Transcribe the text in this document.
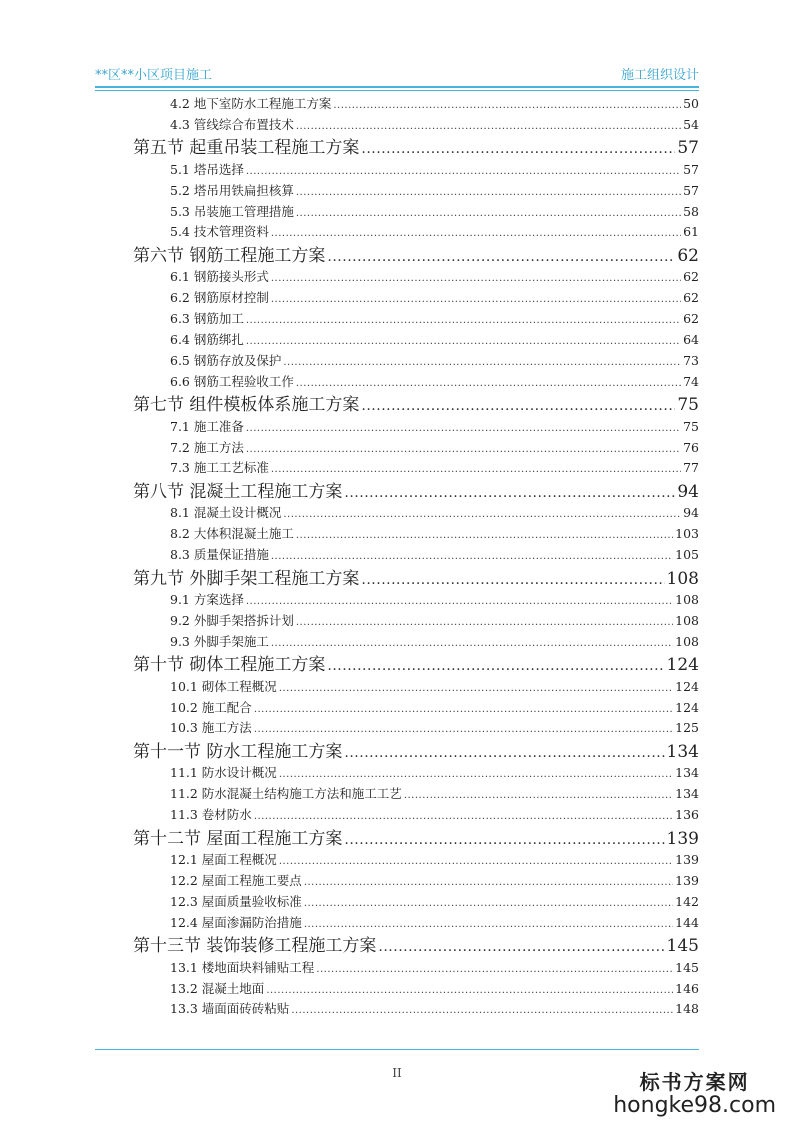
**区**小区项目施工	施工组织设计
4.2 地下室防水工程施工方案 .....	50
4.3 管线综合布置技术 .....	54
第五节 起重吊装工程施工方案 .....	57
5.1 塔吊选择 .....	57
5.2 塔吊用铁扁担核算 .....	57
5.3 吊装施工管理措施 .....	58
5.4 技术管理资料 .....	61
第六节 钢筋工程施工方案 .....	62
6.1 钢筋接头形式 .....	62
6.2 钢筋原材控制 .....	62
6.3 钢筋加工 .....	62
6.4 钢筋绑扎 .....	64
6.5 钢筋存放及保护 .....	73
6.6 钢筋工程验收工作 .....	74
第七节 组件模板体系施工方案 .....	75
7.1 施工准备 .....	75
7.2 施工方法 .....	76
7.3 施工工艺标准 .....	77
第八节 混凝土工程施工方案 .....	94
8.1 混凝土设计概况 .....	94
8.2 大体积混凝土施工 .....	103
8.3 质量保证措施 .....	105
第九节 外脚手架工程施工方案 .....	108
9.1 方案选择 .....	108
9.2 外脚手架搭拆计划 .....	108
9.3 外脚手架施工 .....	108
第十节 砌体工程施工方案 .....	124
10.1 砌体工程概况 .....	124
10.2 施工配合 .....	124
10.3 施工方法 .....	125
第十一节 防水工程施工方案 .....	134
11.1 防水设计概况 .....	134
11.2 防水混凝土结构施工方法和施工工艺 .....	134
11.3 卷材防水 .....	136
第十二节 屋面工程施工方案 .....	139
12.1 屋面工程概况 .....	139
12.2 屋面工程施工要点 .....	139
12.3 屋面质量验收标准 .....	142
12.4 屋面渗漏防治措施 .....	144
第十三节 装饰装修工程施工方案 .....	145
13.1 楼地面块料铺贴工程 .....	145
13.2 混凝土地面 .....	146
13.3 墙面面砖砖粘贴 .....	148
II	标书方案网
hongke98.com
